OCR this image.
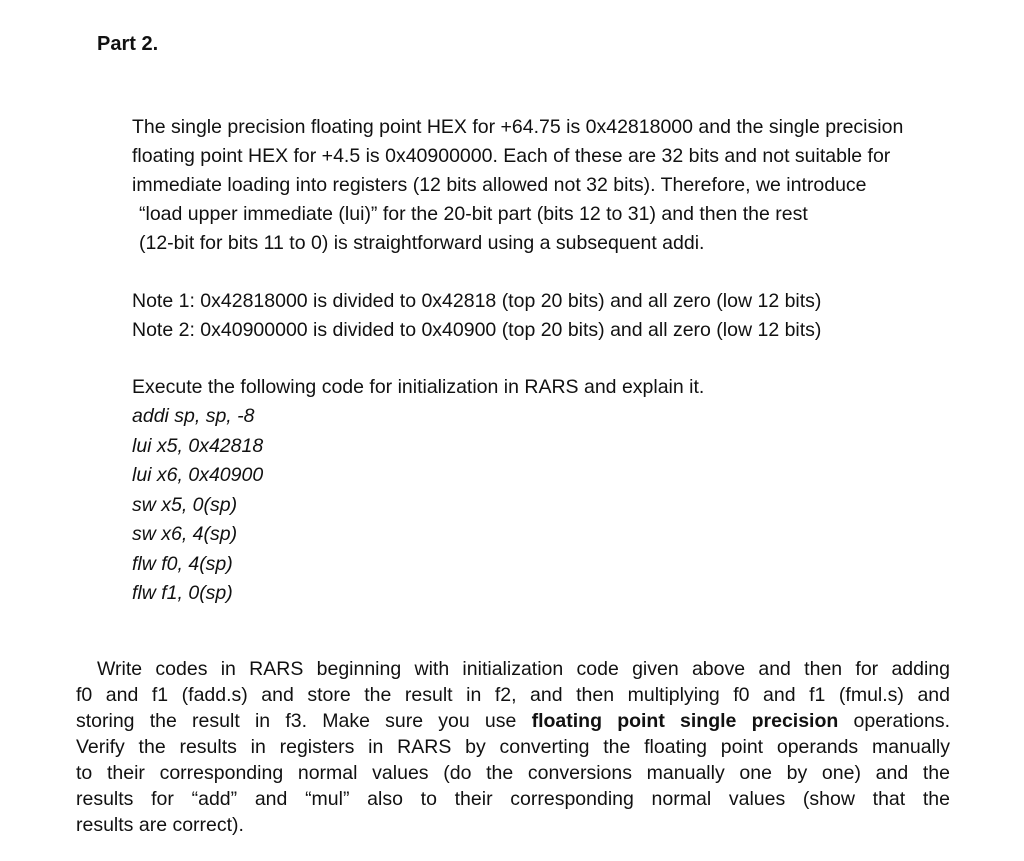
Part 2.
The single precision floating point HEX for +64.75 is 0x42818000 and the single precision
floating point HEX for +4.5 is 0x40900000. Each of these are 32 bits and not suitable for
immediate loading into registers (12 bits allowed not 32 bits). Therefore, we introduce
“load upper immediate (lui)” for the 20-bit part (bits 12 to 31) and then the rest
(12-bit for bits 11 to 0) is straightforward using a subsequent addi.
Note 1: 0x42818000 is divided to 0x42818 (top 20 bits) and all zero (low 12 bits)
Note 2: 0x40900000 is divided to 0x40900 (top 20 bits) and all zero (low 12 bits)
Execute the following code for initialization in RARS and explain it.
addi sp, sp, -8
lui x5, 0x42818
lui x6, 0x40900
sw x5, 0(sp)
sw x6, 4(sp)
flw f0, 4(sp)
flw f1, 0(sp)
Write codes in RARS beginning with initialization code given above and then for adding
f0 and f1 (fadd.s) and store the result in f2, and then multiplying f0 and f1 (fmul.s) and
storing the result in f3. Make sure you use floating point single precision operations.
Verify the results in registers in RARS by converting the floating point operands manually
to their corresponding normal values (do the conversions manually one by one) and the
results for “add” and “mul” also to their corresponding normal values (show that the
results are correct).
